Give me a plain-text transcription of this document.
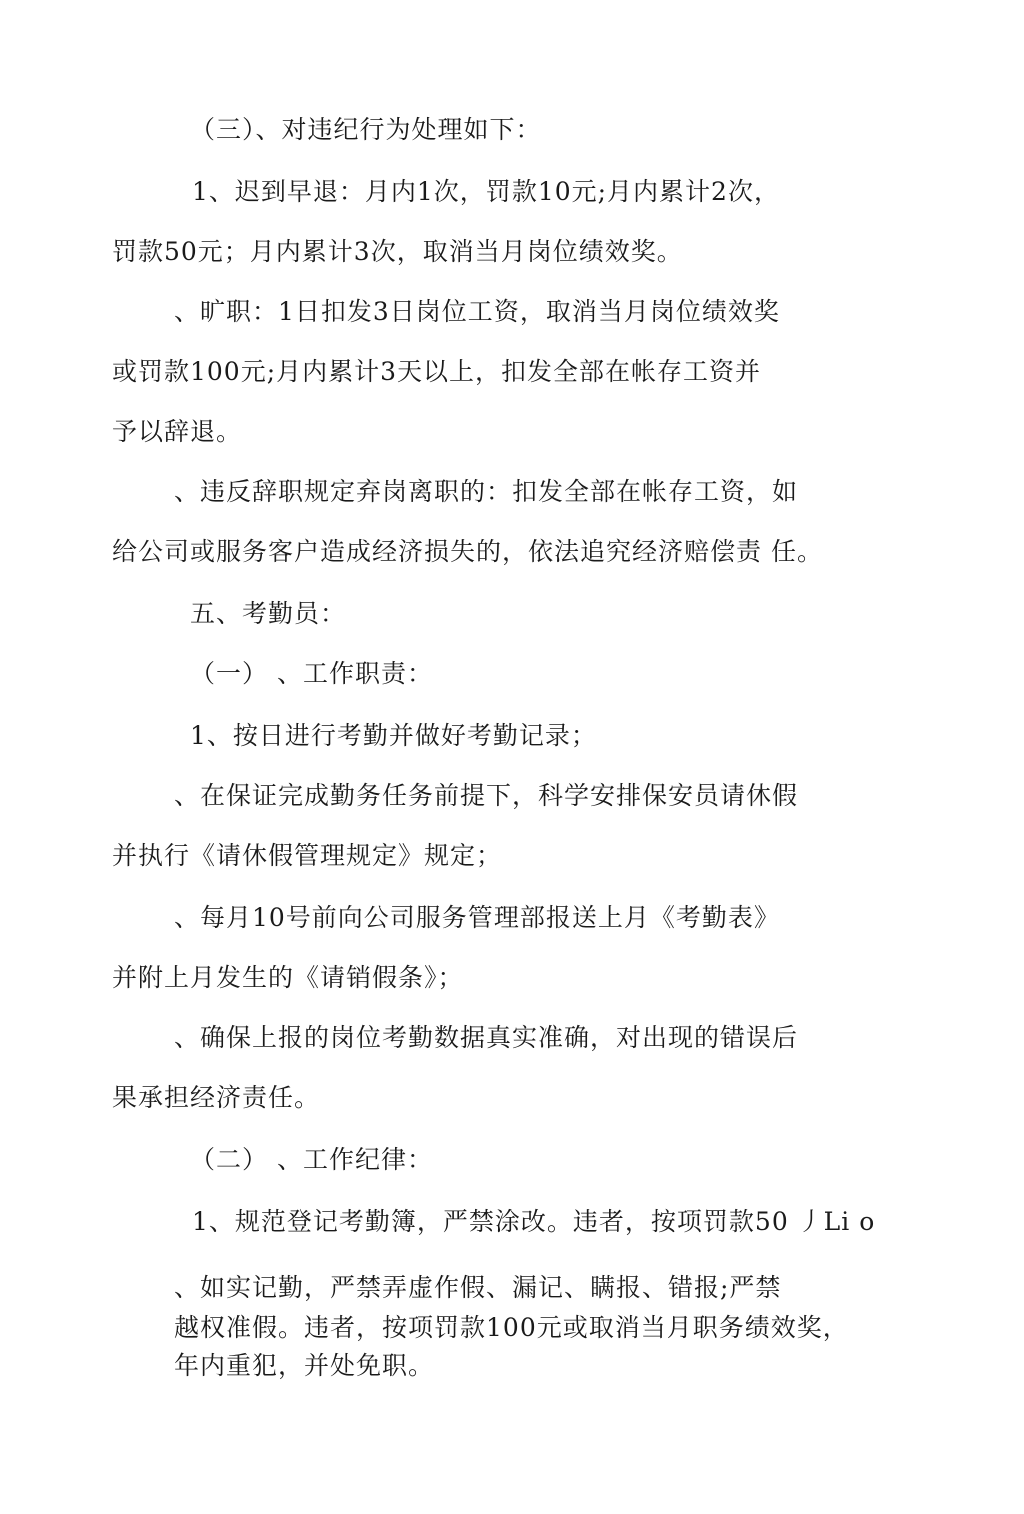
（三）、对违纪行为处理如下：
1、迟到早退：月内1次，罚款10元;月内累计2次，
罚款50元；月内累计3次，取消当月岗位绩效奖。
、旷职：1日扣发3日岗位工资，取消当月岗位绩效奖
或罚款100元;月内累计3天以上，扣发全部在帐存工资并
予以辞退。
、违反辞职规定弃岗离职的：扣发全部在帐存工资，如
给公司或服务客户造成经济损失的，依法追究经济赔偿责 任。
五、考勤员：
（一） 、工作职责：
1、按日进行考勤并做好考勤记录；
、在保证完成勤务任务前提下，科学安排保安员请休假
并执行《请休假管理规定》规定；
、每月10号前向公司服务管理部报送上月《考勤表》
并附上月发生的《请销假条》；
、确保上报的岗位考勤数据真实准确，对出现的错误后
果承担经济责任。
（二） 、工作纪律：
1、规范登记考勤簿，严禁涂改。违者，按项罚款50 丿Li o
、如实记勤，严禁弄虚作假、漏记、瞒报、错报;严禁
越权准假。违者，按项罚款100元或取消当月职务绩效奖，
年内重犯，并处免职。
